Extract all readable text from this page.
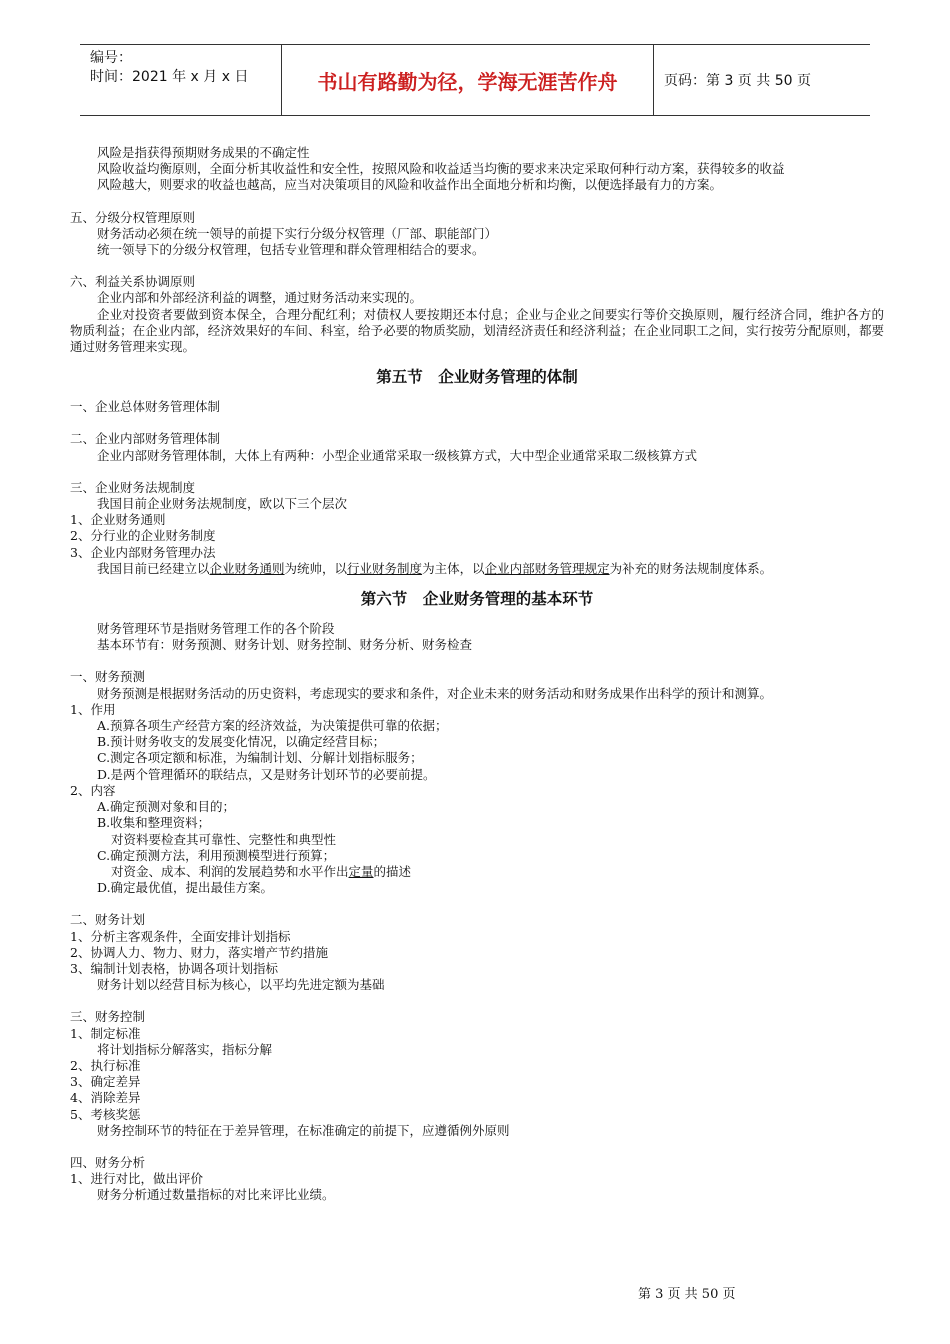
编号：
时间：2021 年 x 月 x 日	书山有路勤为径，学海无涯苦作舟	页码：第 3 页 共 50 页

风险是指获得预期财务成果的不确定性

风险收益均衡原则，全面分析其收益性和安全性，按照风险和收益适当均衡的要求来决定采取何种行动方案，获得较多的收益

风险越大，则要求的收益也越高，应当对决策项目的风险和收益作出全面地分析和均衡，以便选择最有力的方案。

五、分级分权管理原则

财务活动必须在统一领导的前提下实行分级分权管理（厂部、职能部门）

统一领导下的分级分权管理，包括专业管理和群众管理相结合的要求。

六、利益关系协调原则

企业内部和外部经济利益的调整，通过财务活动来实现的。

企业对投资者要做到资本保全，合理分配红利；对债权人要按期还本付息；企业与企业之间要实行等价交换原则，履行经济合同，维护各方的物质利益；在企业内部，经济效果好的车间、科室，给予必要的物质奖励，划清经济责任和经济利益；在企业同职工之间，实行按劳分配原则，都要通过财务管理来实现。

第五节　企业财务管理的体制

一、企业总体财务管理体制

二、企业内部财务管理体制

企业内部财务管理体制，大体上有两种：小型企业通常采取一级核算方式，大中型企业通常采取二级核算方式

三、企业财务法规制度

我国目前企业财务法规制度，欧以下三个层次

1、企业财务通则

2、分行业的企业财务制度

3、企业内部财务管理办法

我国目前已经建立以企业财务通则为统帅，以行业财务制度为主体，以企业内部财务管理规定为补充的财务法规制度体系。

第六节　企业财务管理的基本环节

财务管理环节是指财务管理工作的各个阶段

基本环节有：财务预测、财务计划、财务控制、财务分析、财务检查

一、财务预测

财务预测是根据财务活动的历史资料，考虑现实的要求和条件，对企业未来的财务活动和财务成果作出科学的预计和测算。

1、作用

A.预算各项生产经营方案的经济效益，为决策提供可靠的依据；

B.预计财务收支的发展变化情况，以确定经营目标；

C.测定各项定额和标准，为编制计划、分解计划指标服务；

D.是两个管理循环的联结点，又是财务计划环节的必要前提。

2、内容

A.确定预测对象和目的；

B.收集和整理资料；

对资料要检查其可靠性、完整性和典型性

C.确定预测方法，利用预测模型进行预算；

对资金、成本、利润的发展趋势和水平作出定量的描述

D.确定最优值，提出最佳方案。

二、财务计划

1、分析主客观条件，全面安排计划指标

2、协调人力、物力、财力，落实增产节约措施

3、编制计划表格，协调各项计划指标

财务计划以经营目标为核心，以平均先进定额为基础

三、财务控制

1、制定标准

将计划指标分解落实，指标分解

2、执行标准

3、确定差异

4、消除差异

5、考核奖惩

财务控制环节的特征在于差异管理，在标准确定的前提下，应遵循例外原则

四、财务分析

1、进行对比，做出评价

财务分析通过数量指标的对比来评比业绩。

第 3 页 共 50 页
